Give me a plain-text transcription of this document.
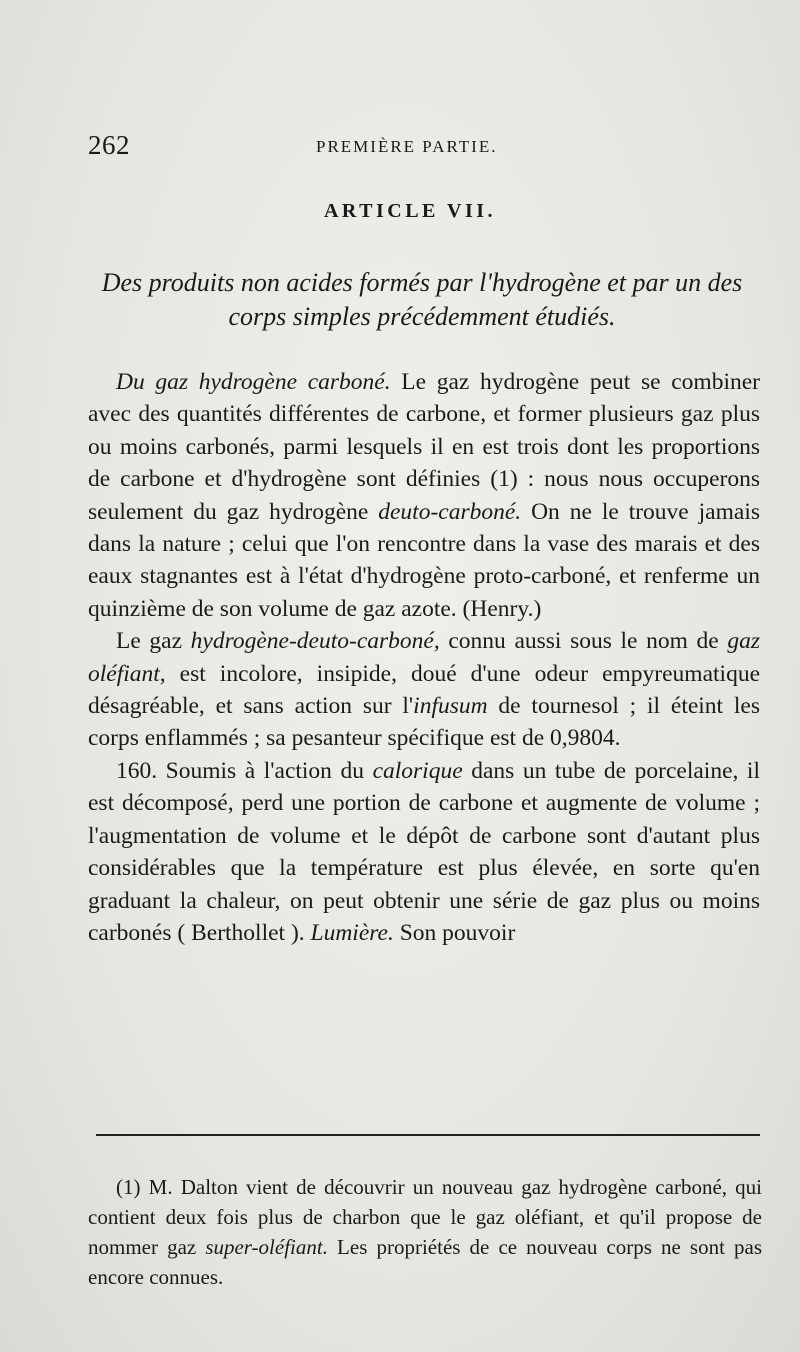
262	PREMIÈRE PARTIE.
ARTICLE VII.
Des produits non acides formés par l'hydrogène et par un des corps simples précédemment étudiés.

Du gaz hydrogène carboné. Le gaz hydrogène peut se combiner avec des quantités différentes de carbone, et former plusieurs gaz plus ou moins carbonés, parmi lesquels il en est trois dont les proportions de carbone et d'hydrogène sont définies (1) : nous nous occuperons seulement du gaz hydrogène deuto-carboné. On ne le trouve jamais dans la nature ; celui que l'on rencontre dans la vase des marais et des eaux stagnantes est à l'état d'hydrogène proto-carboné, et renferme un quinzième de son volume de gaz azote. (Henry.)

Le gaz hydrogène-deuto-carboné, connu aussi sous le nom de gaz oléfiant, est incolore, insipide, doué d'une odeur empyreumatique désagréable, et sans action sur l'infusum de tournesol ; il éteint les corps enflammés ; sa pesanteur spécifique est de 0,9804.

160. Soumis à l'action du calorique dans un tube de porcelaine, il est décomposé, perd une portion de carbone et augmente de volume ; l'augmentation de volume et le dépôt de carbone sont d'autant plus considérables que la température est plus élevée, en sorte qu'en graduant la chaleur, on peut obtenir une série de gaz plus ou moins carbonés ( Berthollet ). Lumière. Son pouvoir

(1) M. Dalton vient de découvrir un nouveau gaz hydrogène carboné, qui contient deux fois plus de charbon que le gaz oléfiant, et qu'il propose de nommer gaz super-oléfiant. Les propriétés de ce nouveau corps ne sont pas encore connues.
